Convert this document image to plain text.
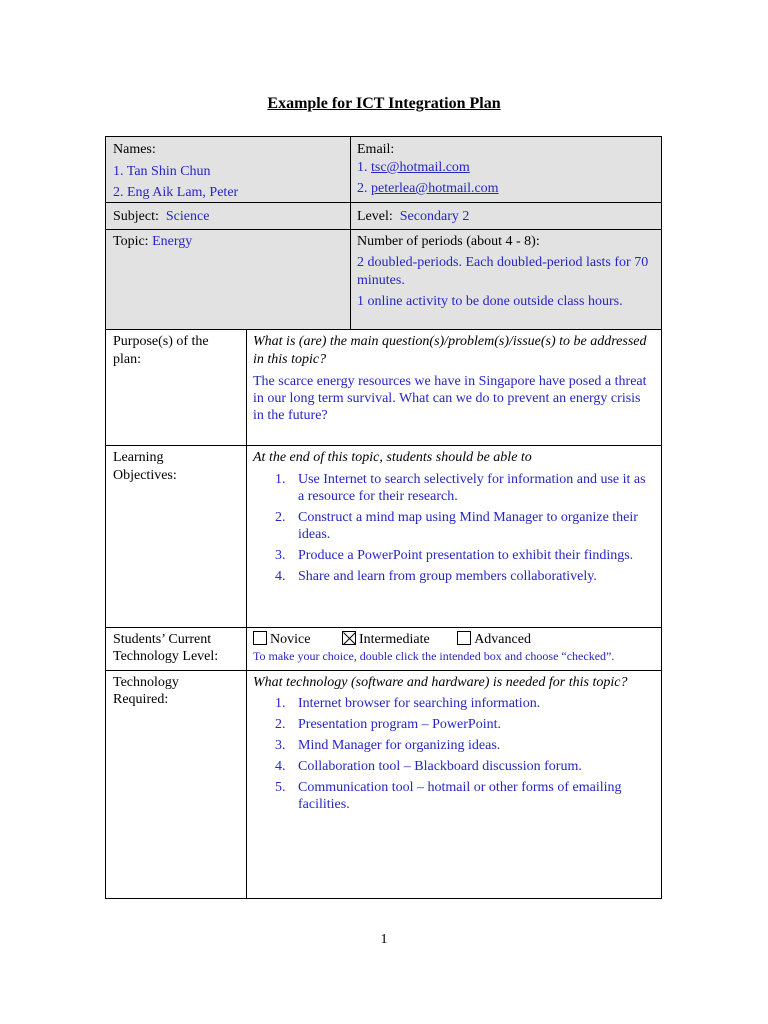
Example for ICT Integration Plan
Names:
1. Tan Shin Chun
2. Eng Aik Lam, Peter
Email:
1. tsc@hotmail.com
2. peterlea@hotmail.com
Subject: Science	Level: Secondary 2
Topic: Energy	Number of periods (about 4 - 8):
2 doubled-periods. Each doubled-period lasts for 70 minutes.
1 online activity to be done outside class hours.
Purpose(s) of the plan:
What is (are) the main question(s)/problem(s)/issue(s) to be addressed in this topic?
The scarce energy resources we have in Singapore have posed a threat in our long term survival. What can we do to prevent an energy crisis in the future?
Learning Objectives:
At the end of this topic, students should be able to
1. Use Internet to search selectively for information and use it as a resource for their research.
2. Construct a mind map using Mind Manager to organize their ideas.
3. Produce a PowerPoint presentation to exhibit their findings.
4. Share and learn from group members collaboratively.
Students’ Current Technology Level:
Novice	Intermediate	Advanced
To make your choice, double click the intended box and choose “checked”.
Technology Required:
What technology (software and hardware) is needed for this topic?
1. Internet browser for searching information.
2. Presentation program – PowerPoint.
3. Mind Manager for organizing ideas.
4. Collaboration tool – Blackboard discussion forum.
5. Communication tool – hotmail or other forms of emailing facilities.
1
